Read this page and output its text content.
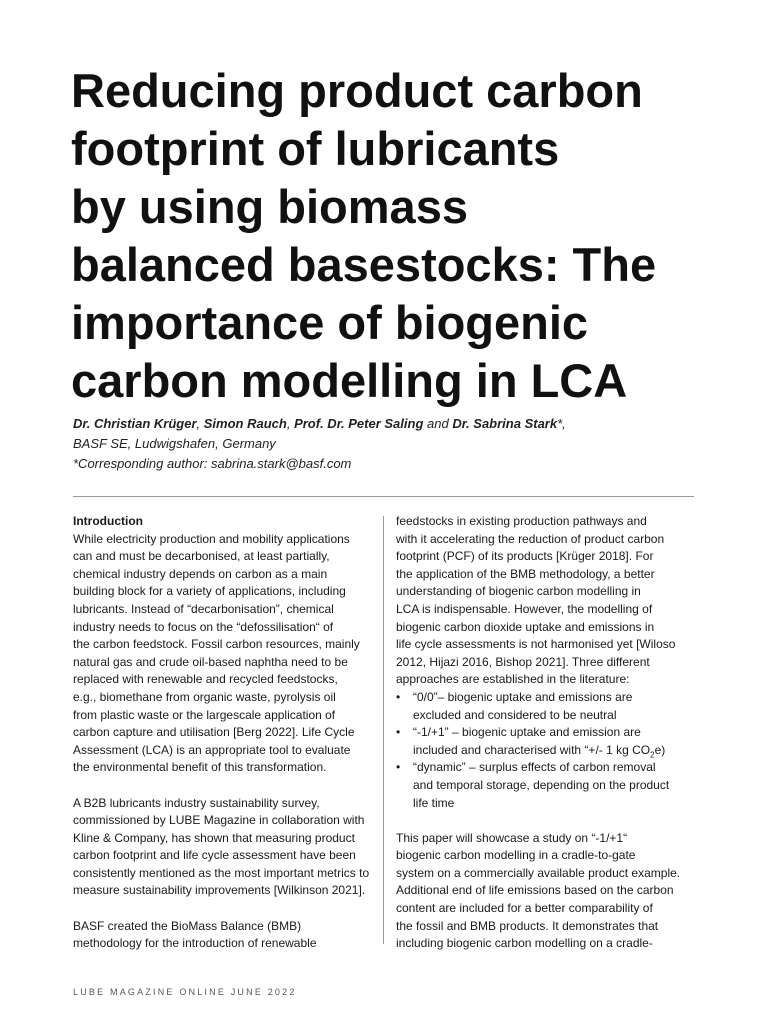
Reducing product carbon
footprint of lubricants
by using biomass
balanced basestocks: The
importance of biogenic
carbon modelling in LCA
Dr. Christian Krüger, Simon Rauch, Prof. Dr. Peter Saling and Dr. Sabrina Stark*,
BASF SE, Ludwigshafen, Germany
*Corresponding author: sabrina.stark@basf.com
Introduction
While electricity production and mobility applications
can and must be decarbonised, at least partially,
chemical industry depends on carbon as a main
building block for a variety of applications, including
lubricants. Instead of “decarbonisation”, chemical
industry needs to focus on the “defossilisation“ of
the carbon feedstock. Fossil carbon resources, mainly
natural gas and crude oil-based naphtha need to be
replaced with renewable and recycled feedstocks,
e.g., biomethane from organic waste, pyrolysis oil
from plastic waste or the largescale application of
carbon capture and utilisation [Berg 2022]. Life Cycle
Assessment (LCA) is an appropriate tool to evaluate
the environmental benefit of this transformation.
A B2B lubricants industry sustainability survey,
commissioned by LUBE Magazine in collaboration with
Kline & Company, has shown that measuring product
carbon footprint and life cycle assessment have been
consistently mentioned as the most important metrics to
measure sustainability improvements [Wilkinson 2021].
BASF created the BioMass Balance (BMB)
methodology for the introduction of renewable
feedstocks in existing production pathways and
with it accelerating the reduction of product carbon
footprint (PCF) of its products [Krüger 2018]. For
the application of the BMB methodology, a better
understanding of biogenic carbon modelling in
LCA is indispensable. However, the modelling of
biogenic carbon dioxide uptake and emissions in
life cycle assessments is not harmonised yet [Wiloso
2012, Hijazi 2016, Bishop 2021]. Three different
approaches are established in the literature:
• “0/0”– biogenic uptake and emissions are
excluded and considered to be neutral
• “-1/+1” – biogenic uptake and emission are
included and characterised with “+/- 1 kg $CO_2e$)
• “dynamic” – surplus effects of carbon removal
and temporal storage, depending on the product
life time
This paper will showcase a study on “-1/+1“
biogenic carbon modelling in a cradle-to-gate
system on a commercially available product example.
Additional end of life emissions based on the carbon
content are included for a better comparability of
the fossil and BMB products. It demonstrates that
including biogenic carbon modelling on a cradle-
LUBE MAGAZINE ONLINE JUNE 2022
